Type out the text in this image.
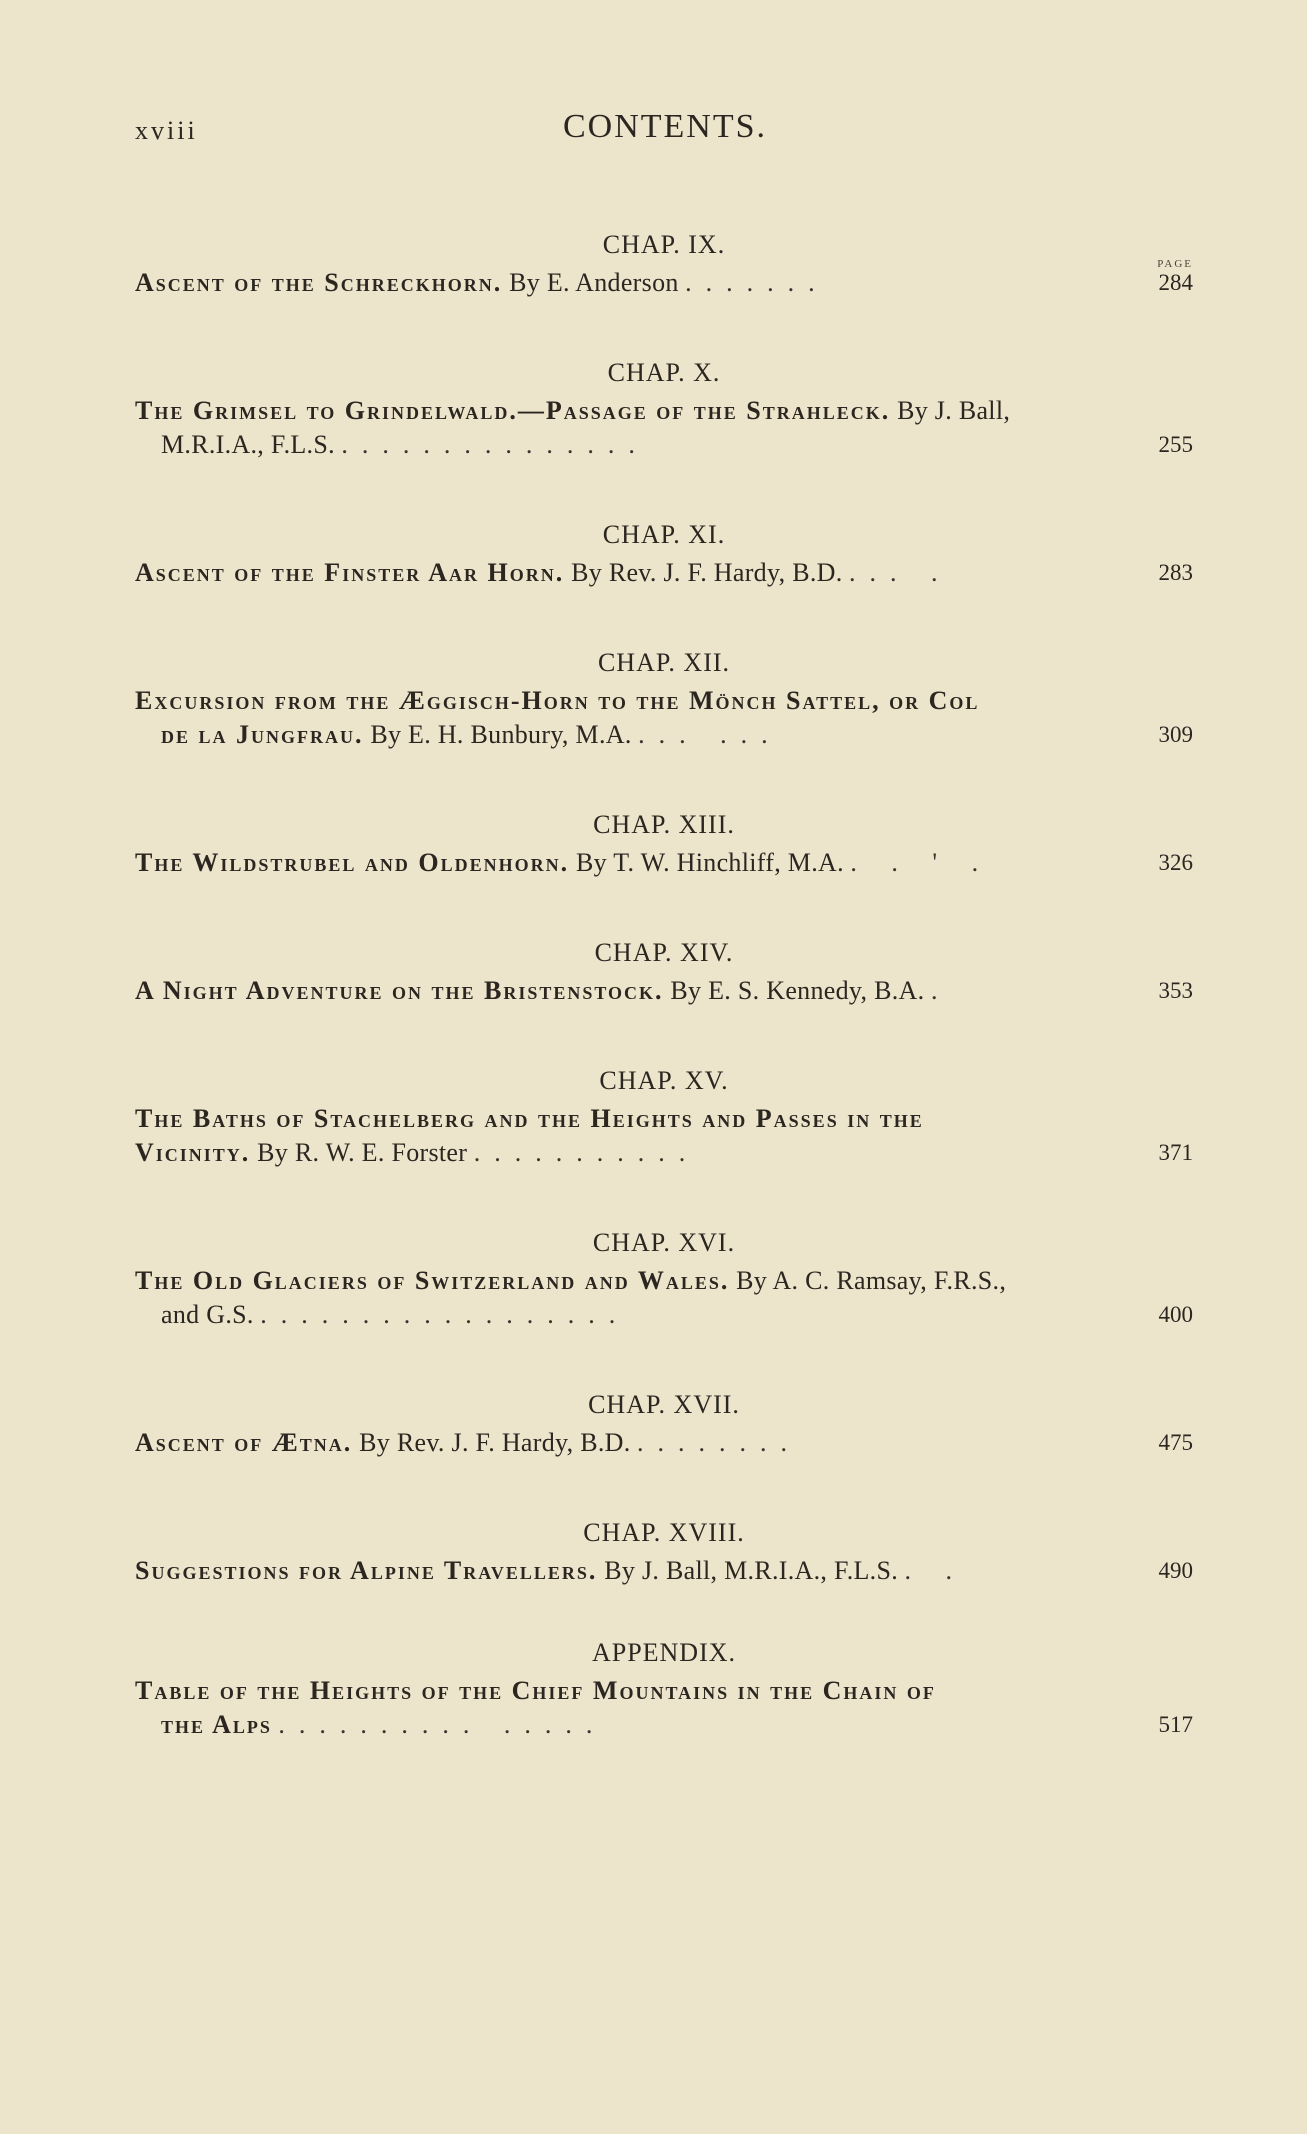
xviii	CONTENTS.
CHAP. IX.
PAGE
Ascent of the Schreckhorn. By E. Anderson .......	284
CHAP. X.
The Grimsel to Grindelwald.—Passage of the Strahleck. By J. Ball,
M.R.I.A., F.L.S. ...............	255
CHAP. XI.
Ascent of the Finster Aar Horn. By Rev. J. F. Hardy, B.D. ... .	283
CHAP. XII.
Excursion from the Æggisch-Horn to the Mönch Sattel, or Col
de la Jungfrau. By E. H. Bunbury, M.A. ... ...	309
CHAP. XIII.
The Wildstrubel and Oldenhorn. By T. W. Hinchliff, M.A. . . ' .	326
CHAP. XIV.
A Night Adventure on the Bristenstock. By E. S. Kennedy, B.A. .	353
CHAP. XV.
The Baths of Stachelberg and the Heights and Passes in the
Vicinity. By R. W. E. Forster ...........	371
CHAP. XVI.
The Old Glaciers of Switzerland and Wales. By A. C. Ramsay, F.R.S.,
and G.S. ..................	400
CHAP. XVII.
Ascent of Ætna. By Rev. J. F. Hardy, B.D. ........	475
CHAP. XVIII.
Suggestions for Alpine Travellers. By J. Ball, M.R.I.A., F.L.S. . .	490
APPENDIX.
Table of the Heights of the Chief Mountains in the Chain of
the Alps .......... .....	517
